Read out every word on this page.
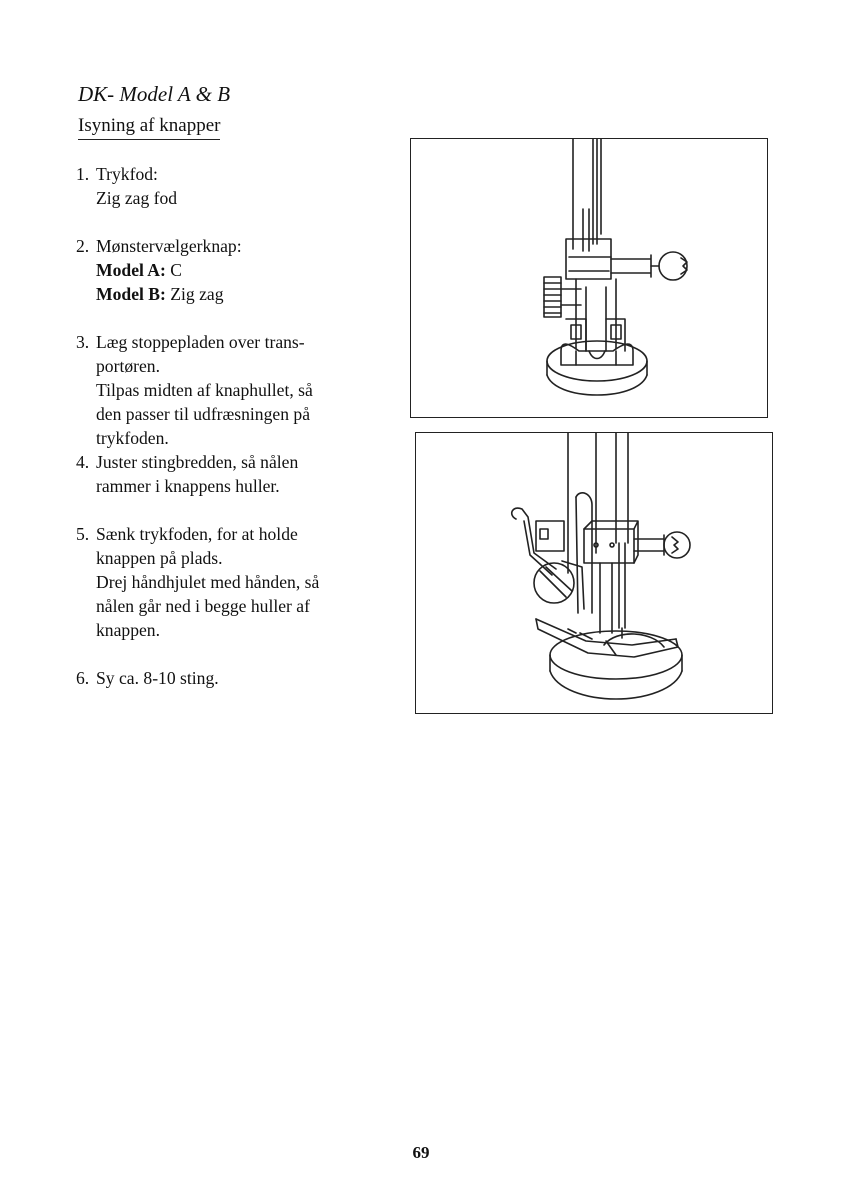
DK- Model A & B
Isyning af knapper
1. Trykfod:
Zig zag fod
2. Mønstervælgerknap:
Model A: C
Model B: Zig zag
3. Læg stoppepladen over trans-
portøren.
Tilpas midten af knaphullet, så
den passer til udfræsningen på
trykfoden.
4. Juster stingbredden, så nålen
rammer i knappens huller.
5. Sænk trykfoden, for at holde
knappen på plads.
Drej håndhjulet med hånden, så
nålen går ned i begge huller af
knappen.
6. Sy ca. 8-10 sting.
69
